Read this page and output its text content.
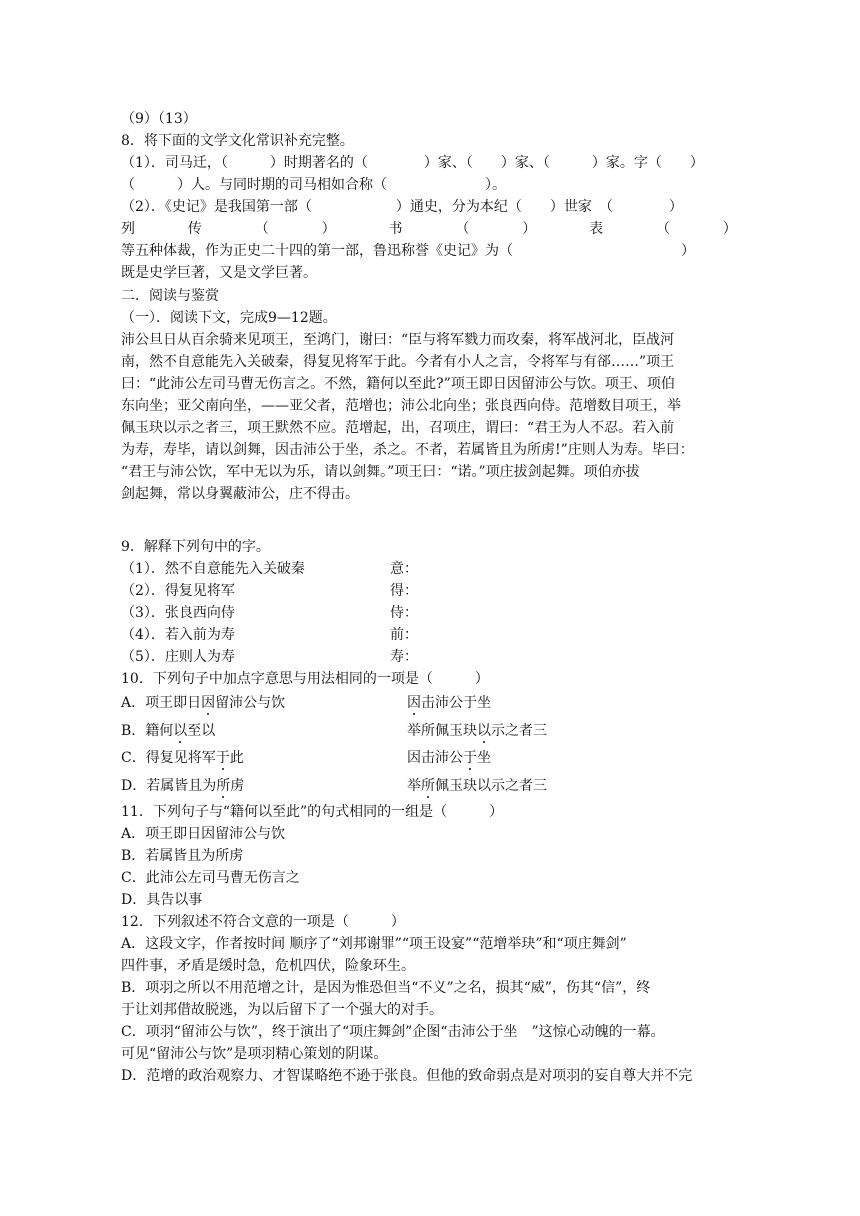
（9）（13）
8．将下面的文学文化常识补充完整。
（1）．司马迁，（　　　）时期著名的（　　　　）家、（　　）家、（　　　）家。字（　　）
（　　　）人。与同时期的司马相如合称（　　　　　　　）。
（2）．《史记》是我国第一部（　　　　　　）通史，分为本纪（　　）世家　（　　　　）
列	传	（	）	书	（	）	表	（	）
等五种体裁，作为正史二十四的第一部，鲁迅称誉《史记》为（　　　　　　　　　　　　）
既是史学巨著，又是文学巨著。
二．阅读与鉴赏
（一）．阅读下文，完成9—12题。
沛公旦日从百余骑来见项王，至鸿门，谢曰：“臣与将军戮力而攻秦，将军战河北，臣战河
南，然不自意能先入关破秦，得复见将军于此。今者有小人之言，令将军与有郤……”项王
曰：“此沛公左司马曹无伤言之。不然，籍何以至此?”项王即日因留沛公与饮。项王、项伯
东向坐；亚父南向坐，——亚父者，范增也；沛公北向坐；张良西向侍。范增数目项王，举
佩玉玦以示之者三，项王默然不应。范增起，出，召项庄，谓曰：“君王为人不忍。若入前
为寿，寿毕，请以剑舞，因击沛公于坐，杀之。不者，若属皆且为所虏!”庄则人为寿。毕曰：
“君王与沛公饮，军中无以为乐，请以剑舞。”项王曰：“诺。”项庄拔剑起舞。项伯亦拔
剑起舞，常以身翼蔽沛公，庄不得击。
9．解释下列句中的字。
（1）．然不自意能先入关破秦	意：
（2）．得复见将军	得：
（3）．张良西向侍	侍：
（4）．若入前为寿	前：
（5）．庄则人为寿	寿：
10．下列句子中加点字意思与用法相同的一项是（　　　）
A．项王即日因留沛公与饮	因击沛公于坐
B．籍何以至以	举所佩玉玦以示之者三
C．得复见将军于此	因击沛公于坐
D．若属皆且为所虏	举所佩玉玦以示之者三
11．下列句子与“籍何以至此”的句式相同的一组是（　　　）
A．项王即日因留沛公与饮
B．若属皆且为所虏
C．此沛公左司马曹无伤言之
D．具告以事
12．下列叙述不符合文意的一项是（　　　）
A．这段文字，作者按时间 顺序了“刘邦谢罪”“项王设宴”“范增举玦”和“项庄舞剑”
四件事，矛盾是缓时急，危机四伏，险象环生。
B．项羽之所以不用范增之计，是因为惟恐但当“不义”之名，损其“威”，伤其“信”，终
于让刘邦借故脱逃，为以后留下了一个强大的对手。
C．项羽“留沛公与饮”，终于演出了“项庄舞剑”企图“击沛公于坐　”这惊心动魄的一幕。
可见“留沛公与饮”是项羽精心策划的阴谋。
D．范增的政治观察力、才智谋略绝不逊于张良。但他的致命弱点是对项羽的妄自尊大并不完
